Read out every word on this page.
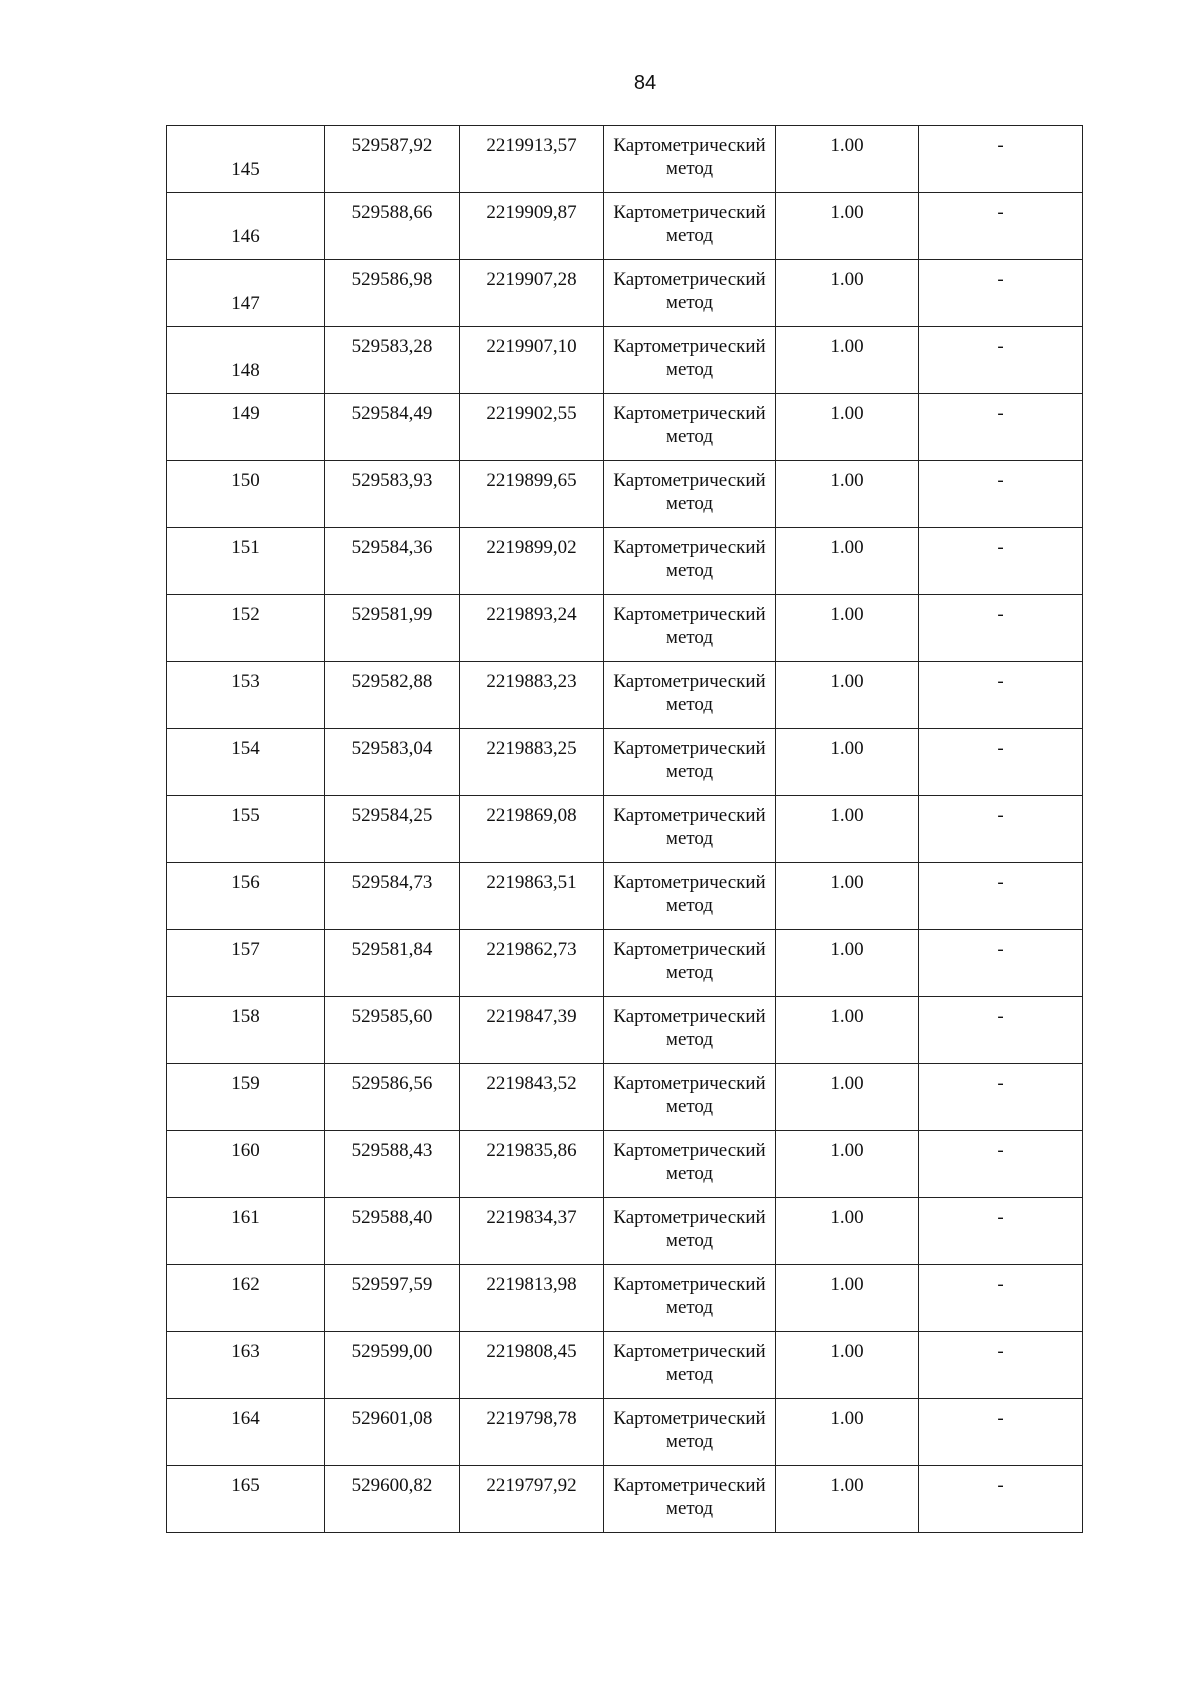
84
145	529587,92	2219913,57	Картометрический метод	1.00	-
146	529588,66	2219909,87	Картометрический метод	1.00	-
147	529586,98	2219907,28	Картометрический метод	1.00	-
148	529583,28	2219907,10	Картометрический метод	1.00	-
149	529584,49	2219902,55	Картометрический метод	1.00	-
150	529583,93	2219899,65	Картометрический метод	1.00	-
151	529584,36	2219899,02	Картометрический метод	1.00	-
152	529581,99	2219893,24	Картометрический метод	1.00	-
153	529582,88	2219883,23	Картометрический метод	1.00	-
154	529583,04	2219883,25	Картометрический метод	1.00	-
155	529584,25	2219869,08	Картометрический метод	1.00	-
156	529584,73	2219863,51	Картометрический метод	1.00	-
157	529581,84	2219862,73	Картометрический метод	1.00	-
158	529585,60	2219847,39	Картометрический метод	1.00	-
159	529586,56	2219843,52	Картометрический метод	1.00	-
160	529588,43	2219835,86	Картометрический метод	1.00	-
161	529588,40	2219834,37	Картометрический метод	1.00	-
162	529597,59	2219813,98	Картометрический метод	1.00	-
163	529599,00	2219808,45	Картометрический метод	1.00	-
164	529601,08	2219798,78	Картометрический метод	1.00	-
165	529600,82	2219797,92	Картометрический метод	1.00	-
